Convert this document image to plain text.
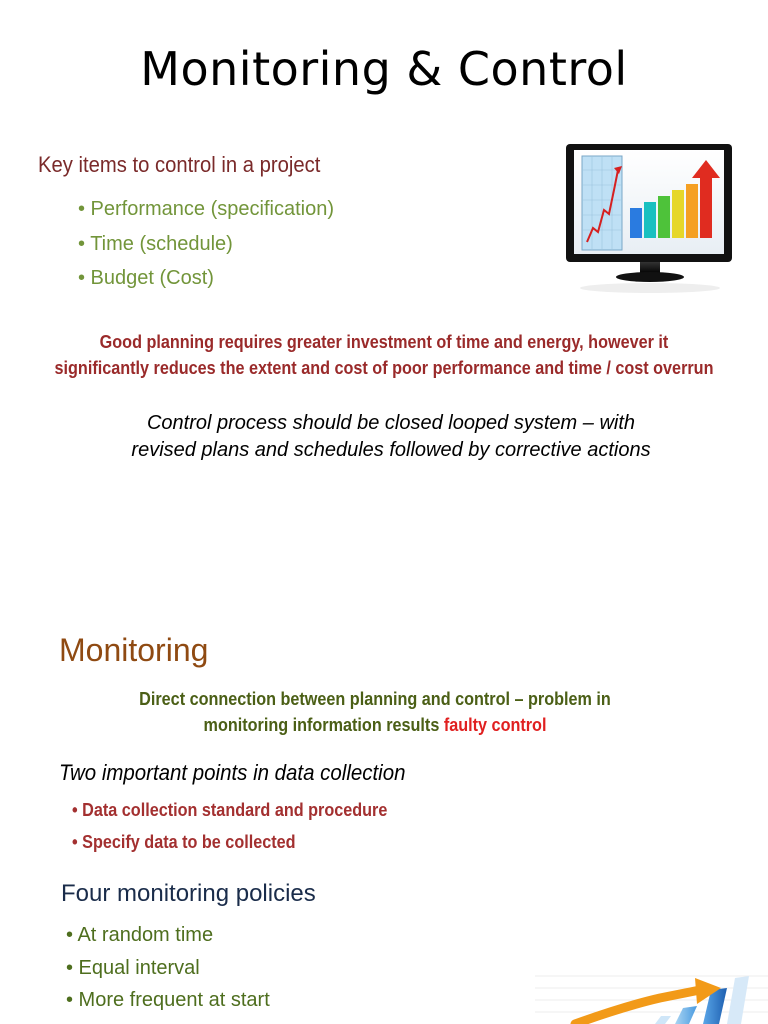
Monitoring & Control
Key items to control in a project
• Performance (specification)
• Time (schedule)
• Budget (Cost)
Good planning requires greater investment of time and energy, however it
significantly reduces the extent and cost of poor performance and time / cost overrun
Control process should be closed looped system – with
revised plans and schedules followed by corrective actions
Monitoring
Direct connection between planning and control – problem in
monitoring information results faulty control
Two important points in data collection
• Data collection standard and procedure
• Specify data to be collected
Four monitoring policies
• At random time
• Equal interval
• More frequent at start
